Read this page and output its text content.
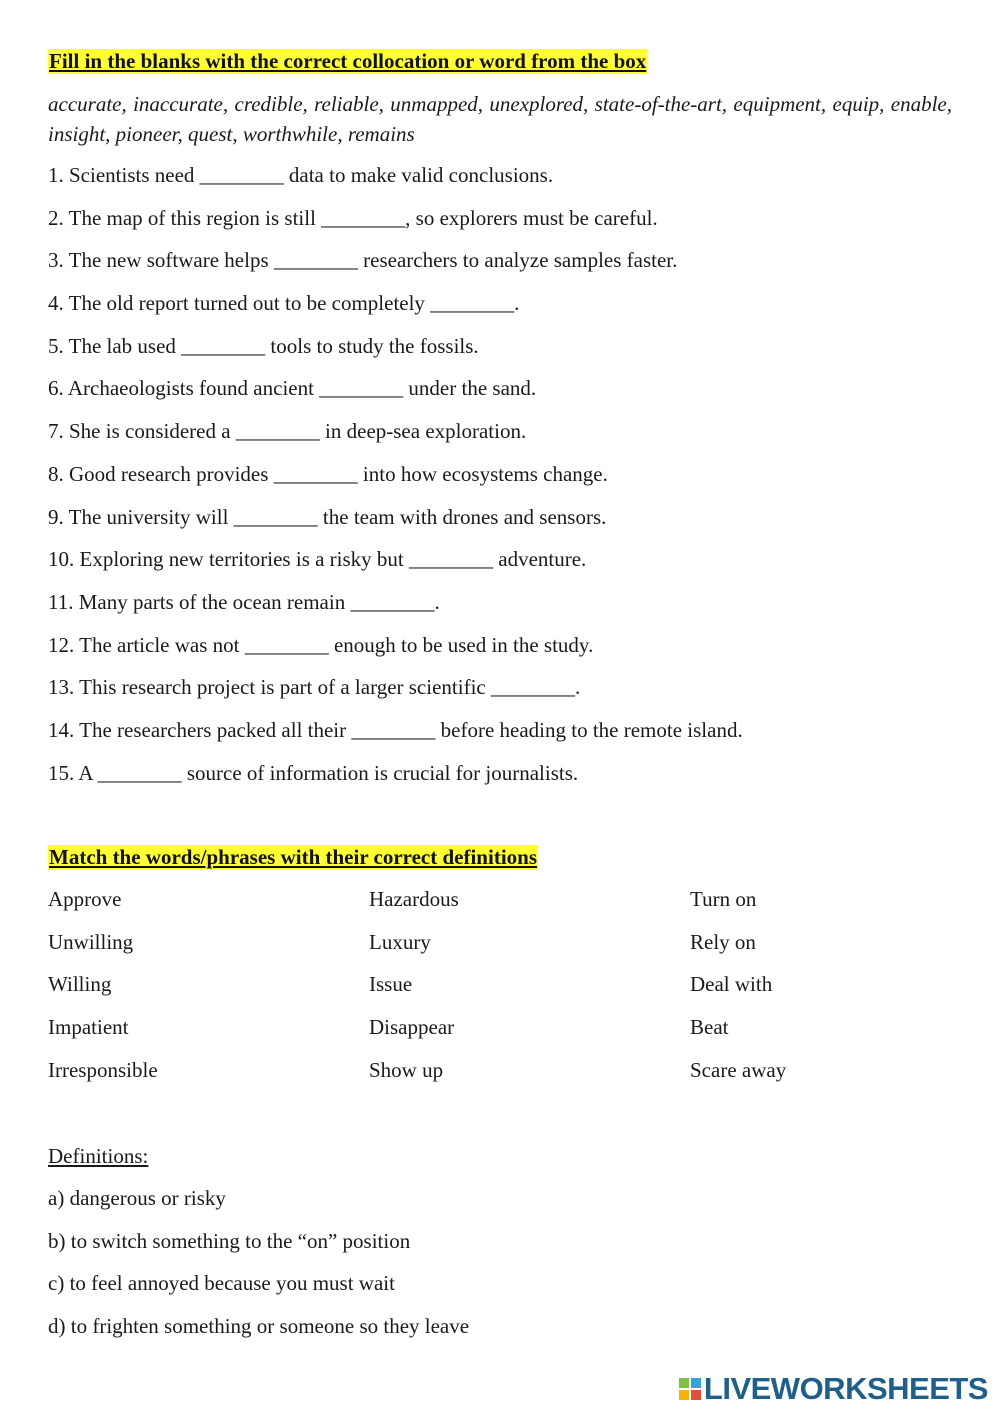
Fill in the blanks with the correct collocation or word from the box
accurate, inaccurate, credible, reliable, unmapped, unexplored, state-of-the-art, equipment, equip, enable, insight, pioneer, quest, worthwhile, remains
1. Scientists need ________ data to make valid conclusions.
2. The map of this region is still ________, so explorers must be careful.
3. The new software helps ________ researchers to analyze samples faster.
4. The old report turned out to be completely ________.
5. The lab used ________ tools to study the fossils.
6. Archaeologists found ancient ________ under the sand.
7. She is considered a ________ in deep-sea exploration.
8. Good research provides ________ into how ecosystems change.
9. The university will ________ the team with drones and sensors.
10. Exploring new territories is a risky but ________ adventure.
11. Many parts of the ocean remain ________.
12. The article was not ________ enough to be used in the study.
13. This research project is part of a larger scientific ________.
14. The researchers packed all their ________ before heading to the remote island.
15. A ________ source of information is crucial for journalists.
Match the words/phrases with their correct definitions
Approve	Hazardous	Turn on
Unwilling	Luxury	Rely on
Willing	Issue	Deal with
Impatient	Disappear	Beat
Irresponsible	Show up	Scare away
Definitions:
a) dangerous or risky
b) to switch something to the “on” position
c) to feel annoyed because you must wait
d) to frighten something or someone so they leave
LIVEWORKSHEETS
